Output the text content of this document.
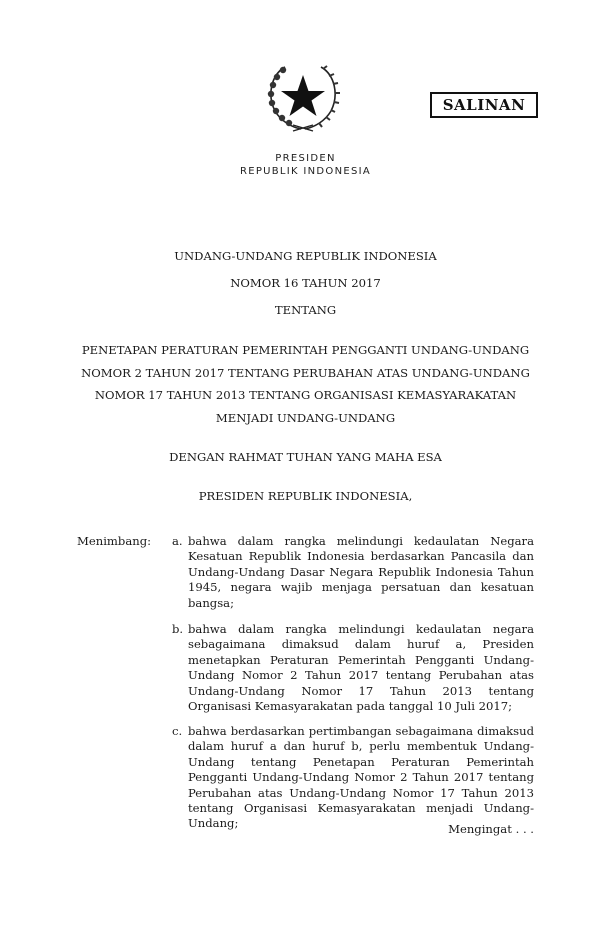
SALINAN
PRESIDEN
REPUBLIK INDONESIA
UNDANG-UNDANG REPUBLIK INDONESIA
NOMOR 16 TAHUN 2017
TENTANG
PENETAPAN PERATURAN PEMERINTAH PENGGANTI UNDANG-UNDANG
NOMOR 2 TAHUN 2017 TENTANG PERUBAHAN ATAS UNDANG-UNDANG
NOMOR 17 TAHUN 2013 TENTANG ORGANISASI KEMASYARAKATAN
MENJADI UNDANG-UNDANG
DENGAN RAHMAT TUHAN YANG MAHA ESA
PRESIDEN REPUBLIK INDONESIA,
Menimbang: a. bahwa dalam rangka melindungi kedaulatan Negara Kesatuan Republik Indonesia berdasarkan Pancasila dan Undang-Undang Dasar Negara Republik Indonesia Tahun 1945, negara wajib menjaga persatuan dan kesatuan bangsa;
b. bahwa dalam rangka melindungi kedaulatan negara sebagaimana dimaksud dalam huruf a, Presiden menetapkan Peraturan Pemerintah Pengganti Undang-Undang Nomor 2 Tahun 2017 tentang Perubahan atas Undang-Undang Nomor 17 Tahun 2013 tentang Organisasi Kemasyarakatan pada tanggal 10 Juli 2017;
c. bahwa berdasarkan pertimbangan sebagaimana dimaksud dalam huruf a dan huruf b, perlu membentuk Undang-Undang tentang Penetapan Peraturan Pemerintah Pengganti Undang-Undang Nomor 2 Tahun 2017 tentang Perubahan atas Undang-Undang Nomor 17 Tahun 2013 tentang Organisasi Kemasyarakatan menjadi Undang-Undang;	Mengingat . . .
